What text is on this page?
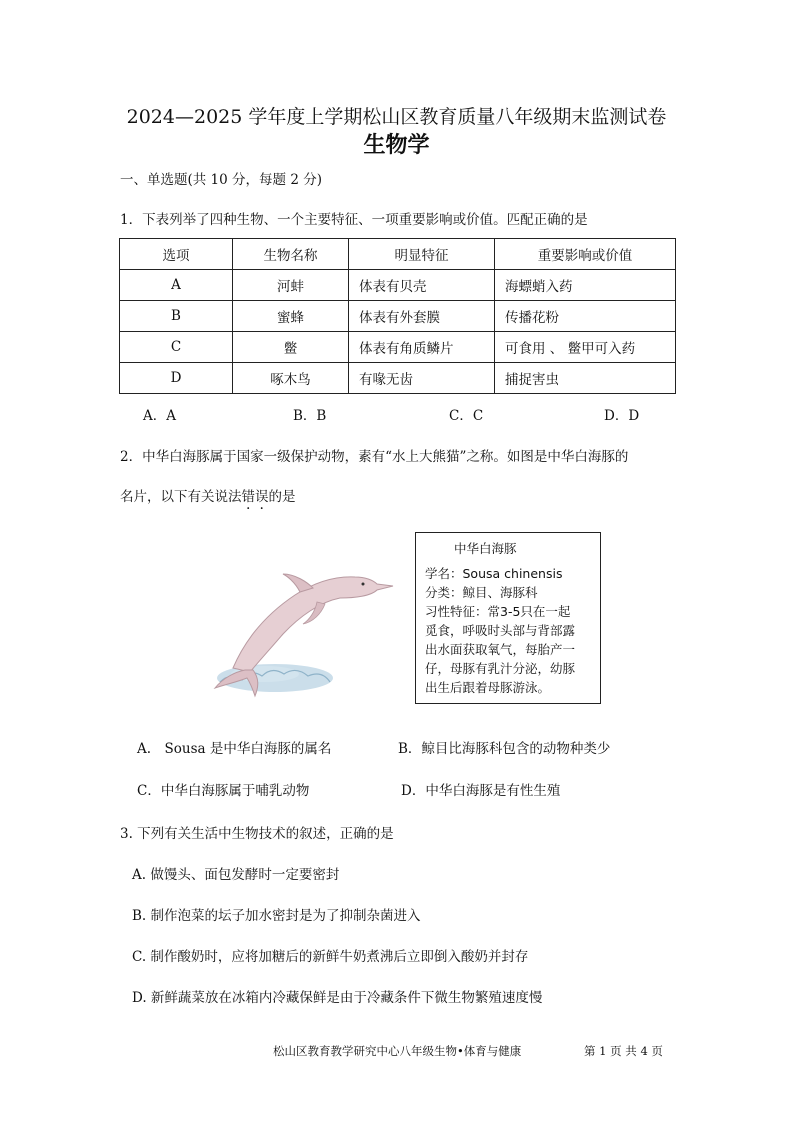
2024—2025 学年度上学期松山区教育质量八年级期末监测试卷
生物学
一、单选题(共 10 分，每题 2 分)
1．下表列举了四种生物、一个主要特征、一项重要影响或价值。匹配正确的是
选项	生物名称	明显特征	重要影响或价值
A	河蚌	体表有贝壳	海螵蛸入药
B	蜜蜂	体表有外套膜	传播花粉
C	鳖	体表有角质鳞片	可食用 、 鳖甲可入药
D	啄木鸟	有喙无齿	捕捉害虫
A．A	B．B	C．C	D．D
2．中华白海豚属于国家一级保护动物，素有“水上大熊猫”之称。如图是中华白海豚的
名片，以下有关说法错误的是
中华白海豚
学名：Sousa chinensis
分类：鲸目、海豚科
习性特征：常3-5只在一起
觅食，呼吸时头部与背部露
出水面获取氧气，每胎产一
仔，母豚有乳汁分泌，幼豚
出生后跟着母豚游泳。
A.　Sousa 是中华白海豚的属名	B．鲸目比海豚科包含的动物种类少
C．中华白海豚属于哺乳动物	D．中华白海豚是有性生殖
3. 下列有关生活中生物技术的叙述，正确的是
A. 做馒头、面包发酵时一定要密封
B. 制作泡菜的坛子加水密封是为了抑制杂菌进入
C. 制作酸奶时，应将加糖后的新鲜牛奶煮沸后立即倒入酸奶并封存
D. 新鲜蔬菜放在冰箱内冷藏保鲜是由于冷藏条件下微生物繁殖速度慢
松山区教育教学研究中心八年级生物•体育与健康	第 1 页 共 4 页
